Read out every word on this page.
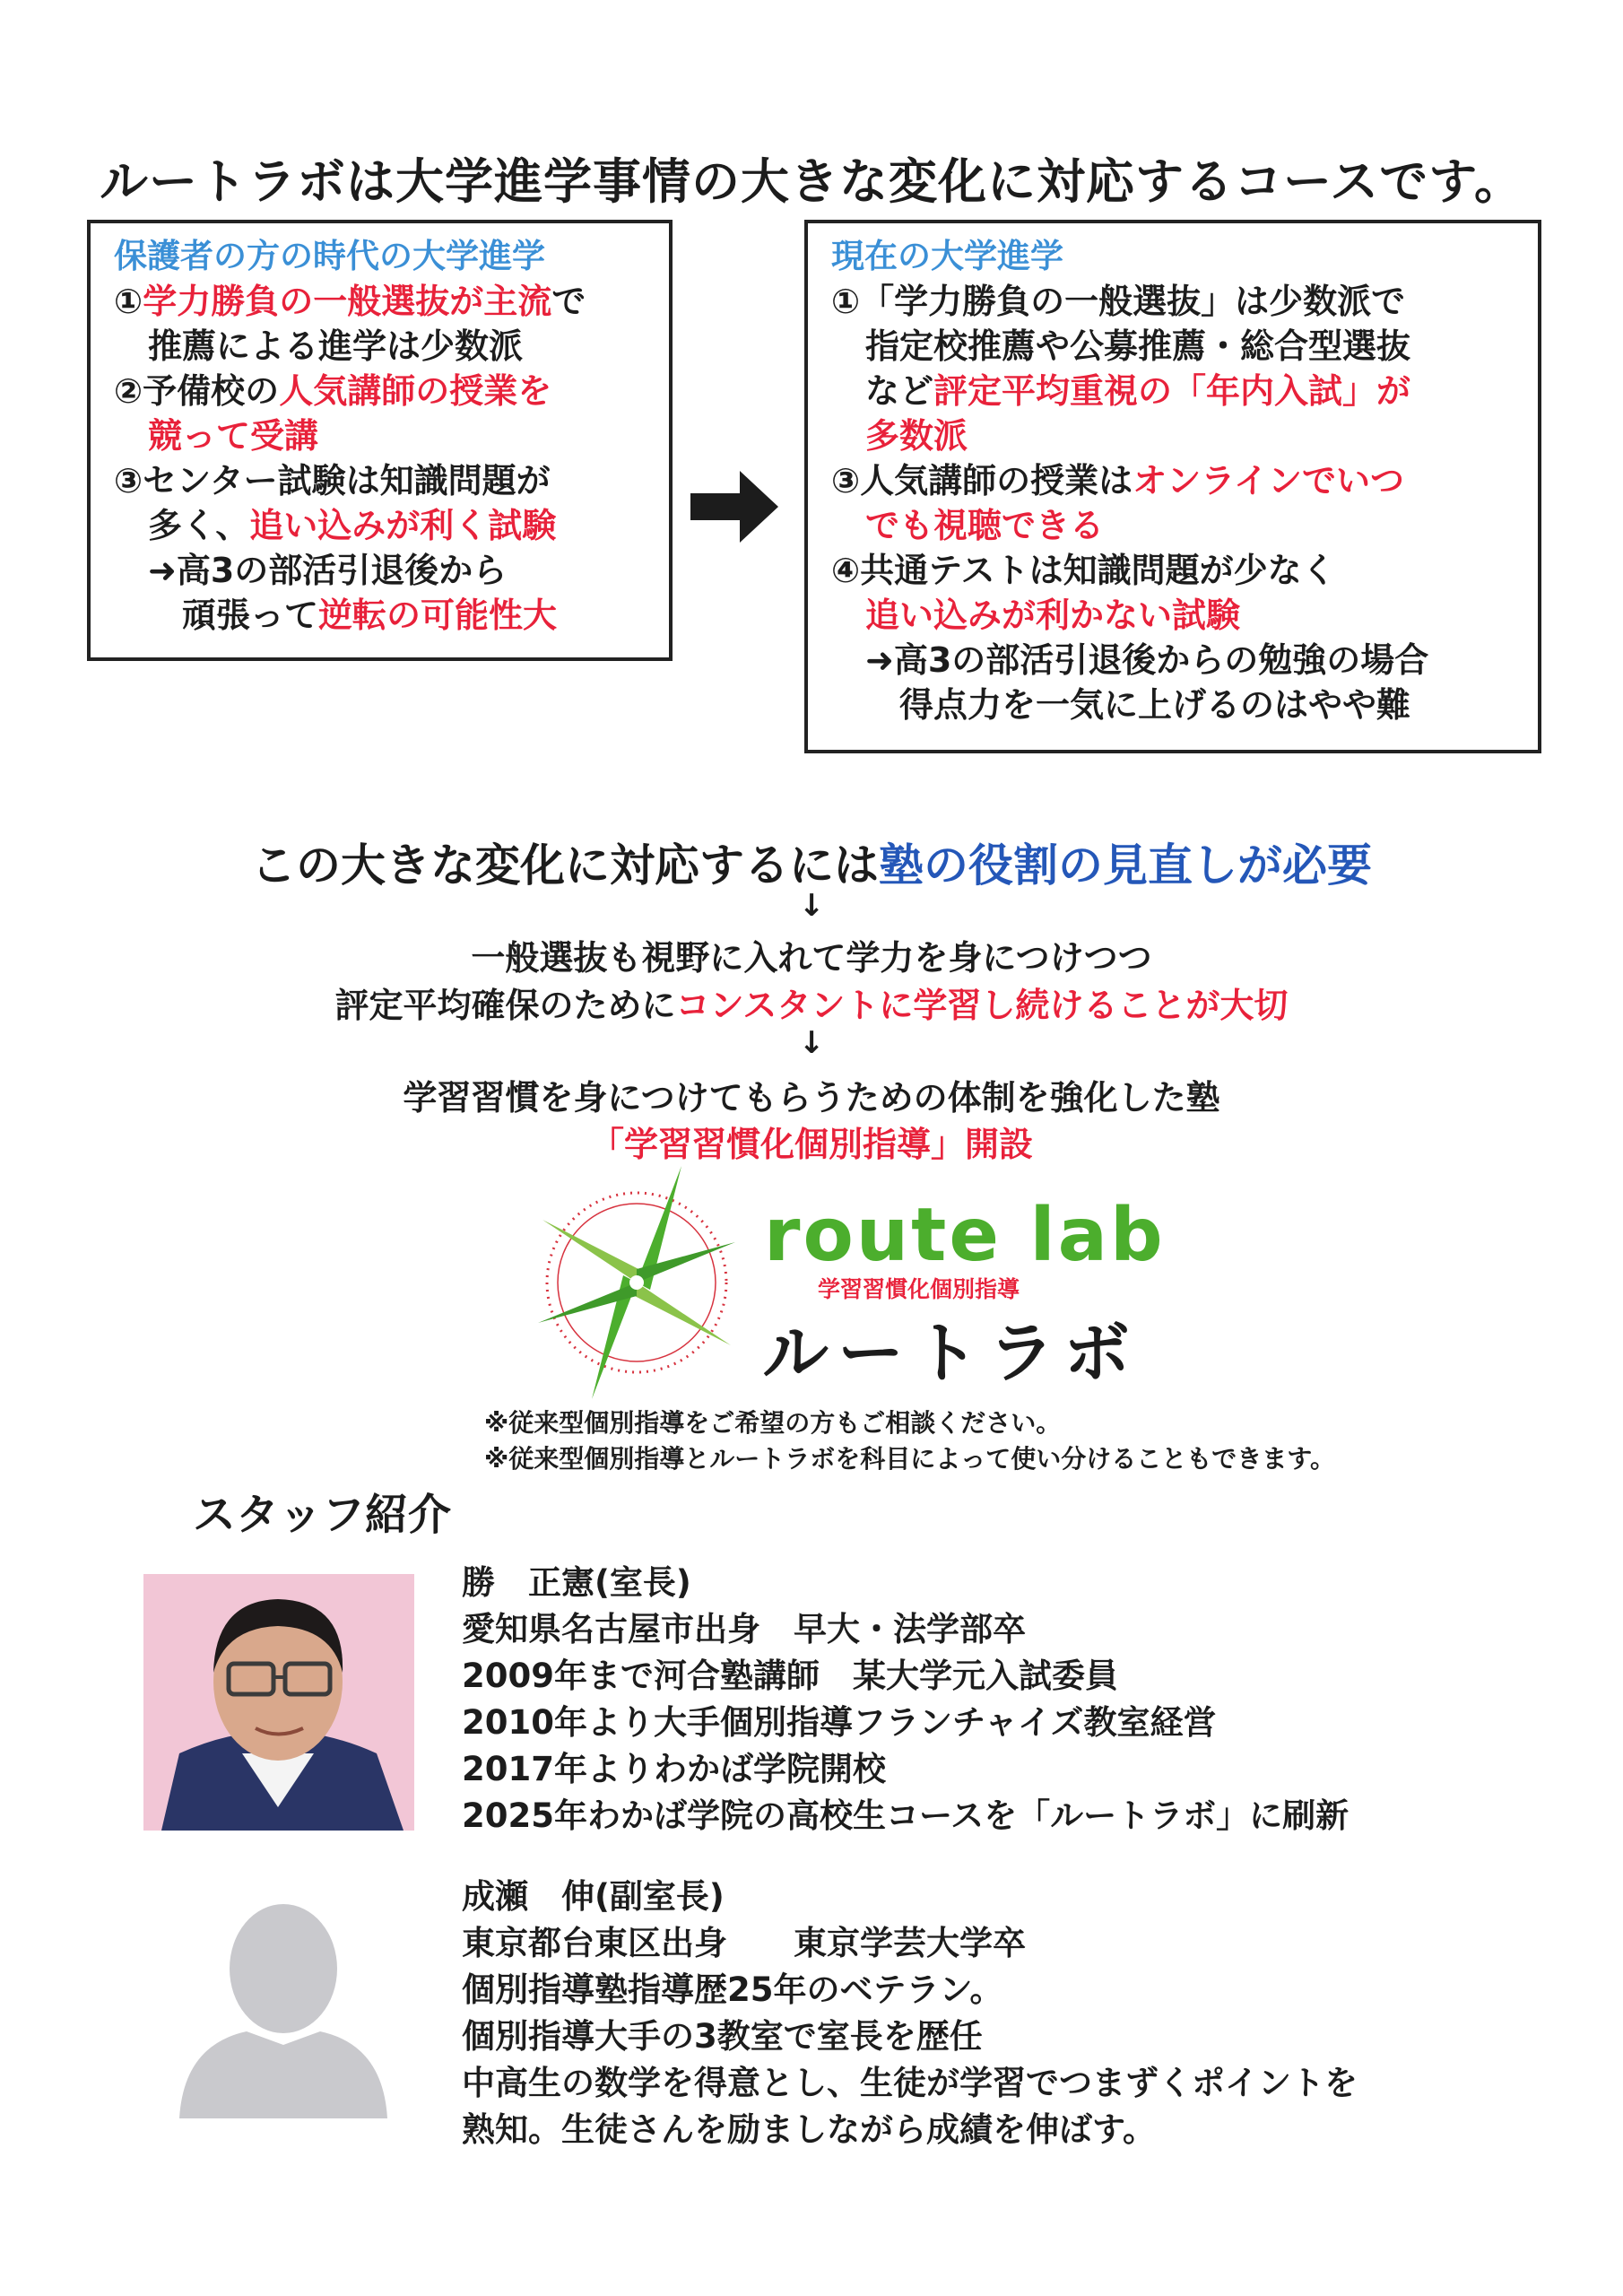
ルートラボは大学進学事情の大きな変化に対応するコースです。
保護者の方の時代の大学進学
①学力勝負の一般選抜が主流で
　推薦による進学は少数派
②予備校の人気講師の授業を
　競って受講
③センター試験は知識問題が
　多く、追い込みが利く試験
　➜高3の部活引退後から
　　頑張って逆転の可能性大
現在の大学進学
①「学力勝負の一般選抜」は少数派で
　指定校推薦や公募推薦・総合型選抜
　など評定平均重視の「年内入試」が
　多数派
③人気講師の授業はオンラインでいつ
　でも視聴できる
④共通テストは知識問題が少なく
　追い込みが利かない試験
　➜高3の部活引退後からの勉強の場合
　　得点力を一気に上げるのはやや難
この大きな変化に対応するには塾の役割の見直しが必要
↓
一般選抜も視野に入れて学力を身につけつつ
評定平均確保のためにコンスタントに学習し続けることが大切
↓
学習習慣を身につけてもらうための体制を強化した塾
「学習習慣化個別指導」開設
route lab
学習習慣化個別指導
ルートラボ
※従来型個別指導をご希望の方もご相談ください。
※従来型個別指導とルートラボを科目によって使い分けることもできます。
スタッフ紹介
勝　正憲(室長)
愛知県名古屋市出身　早大・法学部卒
2009年まで河合塾講師　某大学元入試委員
2010年より大手個別指導フランチャイズ教室経営
2017年よりわかば学院開校
2025年わかば学院の高校生コースを「ルートラボ」に刷新
成瀬　伸(副室長)
東京都台東区出身　　東京学芸大学卒
個別指導塾指導歴25年のベテラン。
個別指導大手の3教室で室長を歴任
中高生の数学を得意とし、生徒が学習でつまずくポイントを
熟知。生徒さんを励ましながら成績を伸ばす。
